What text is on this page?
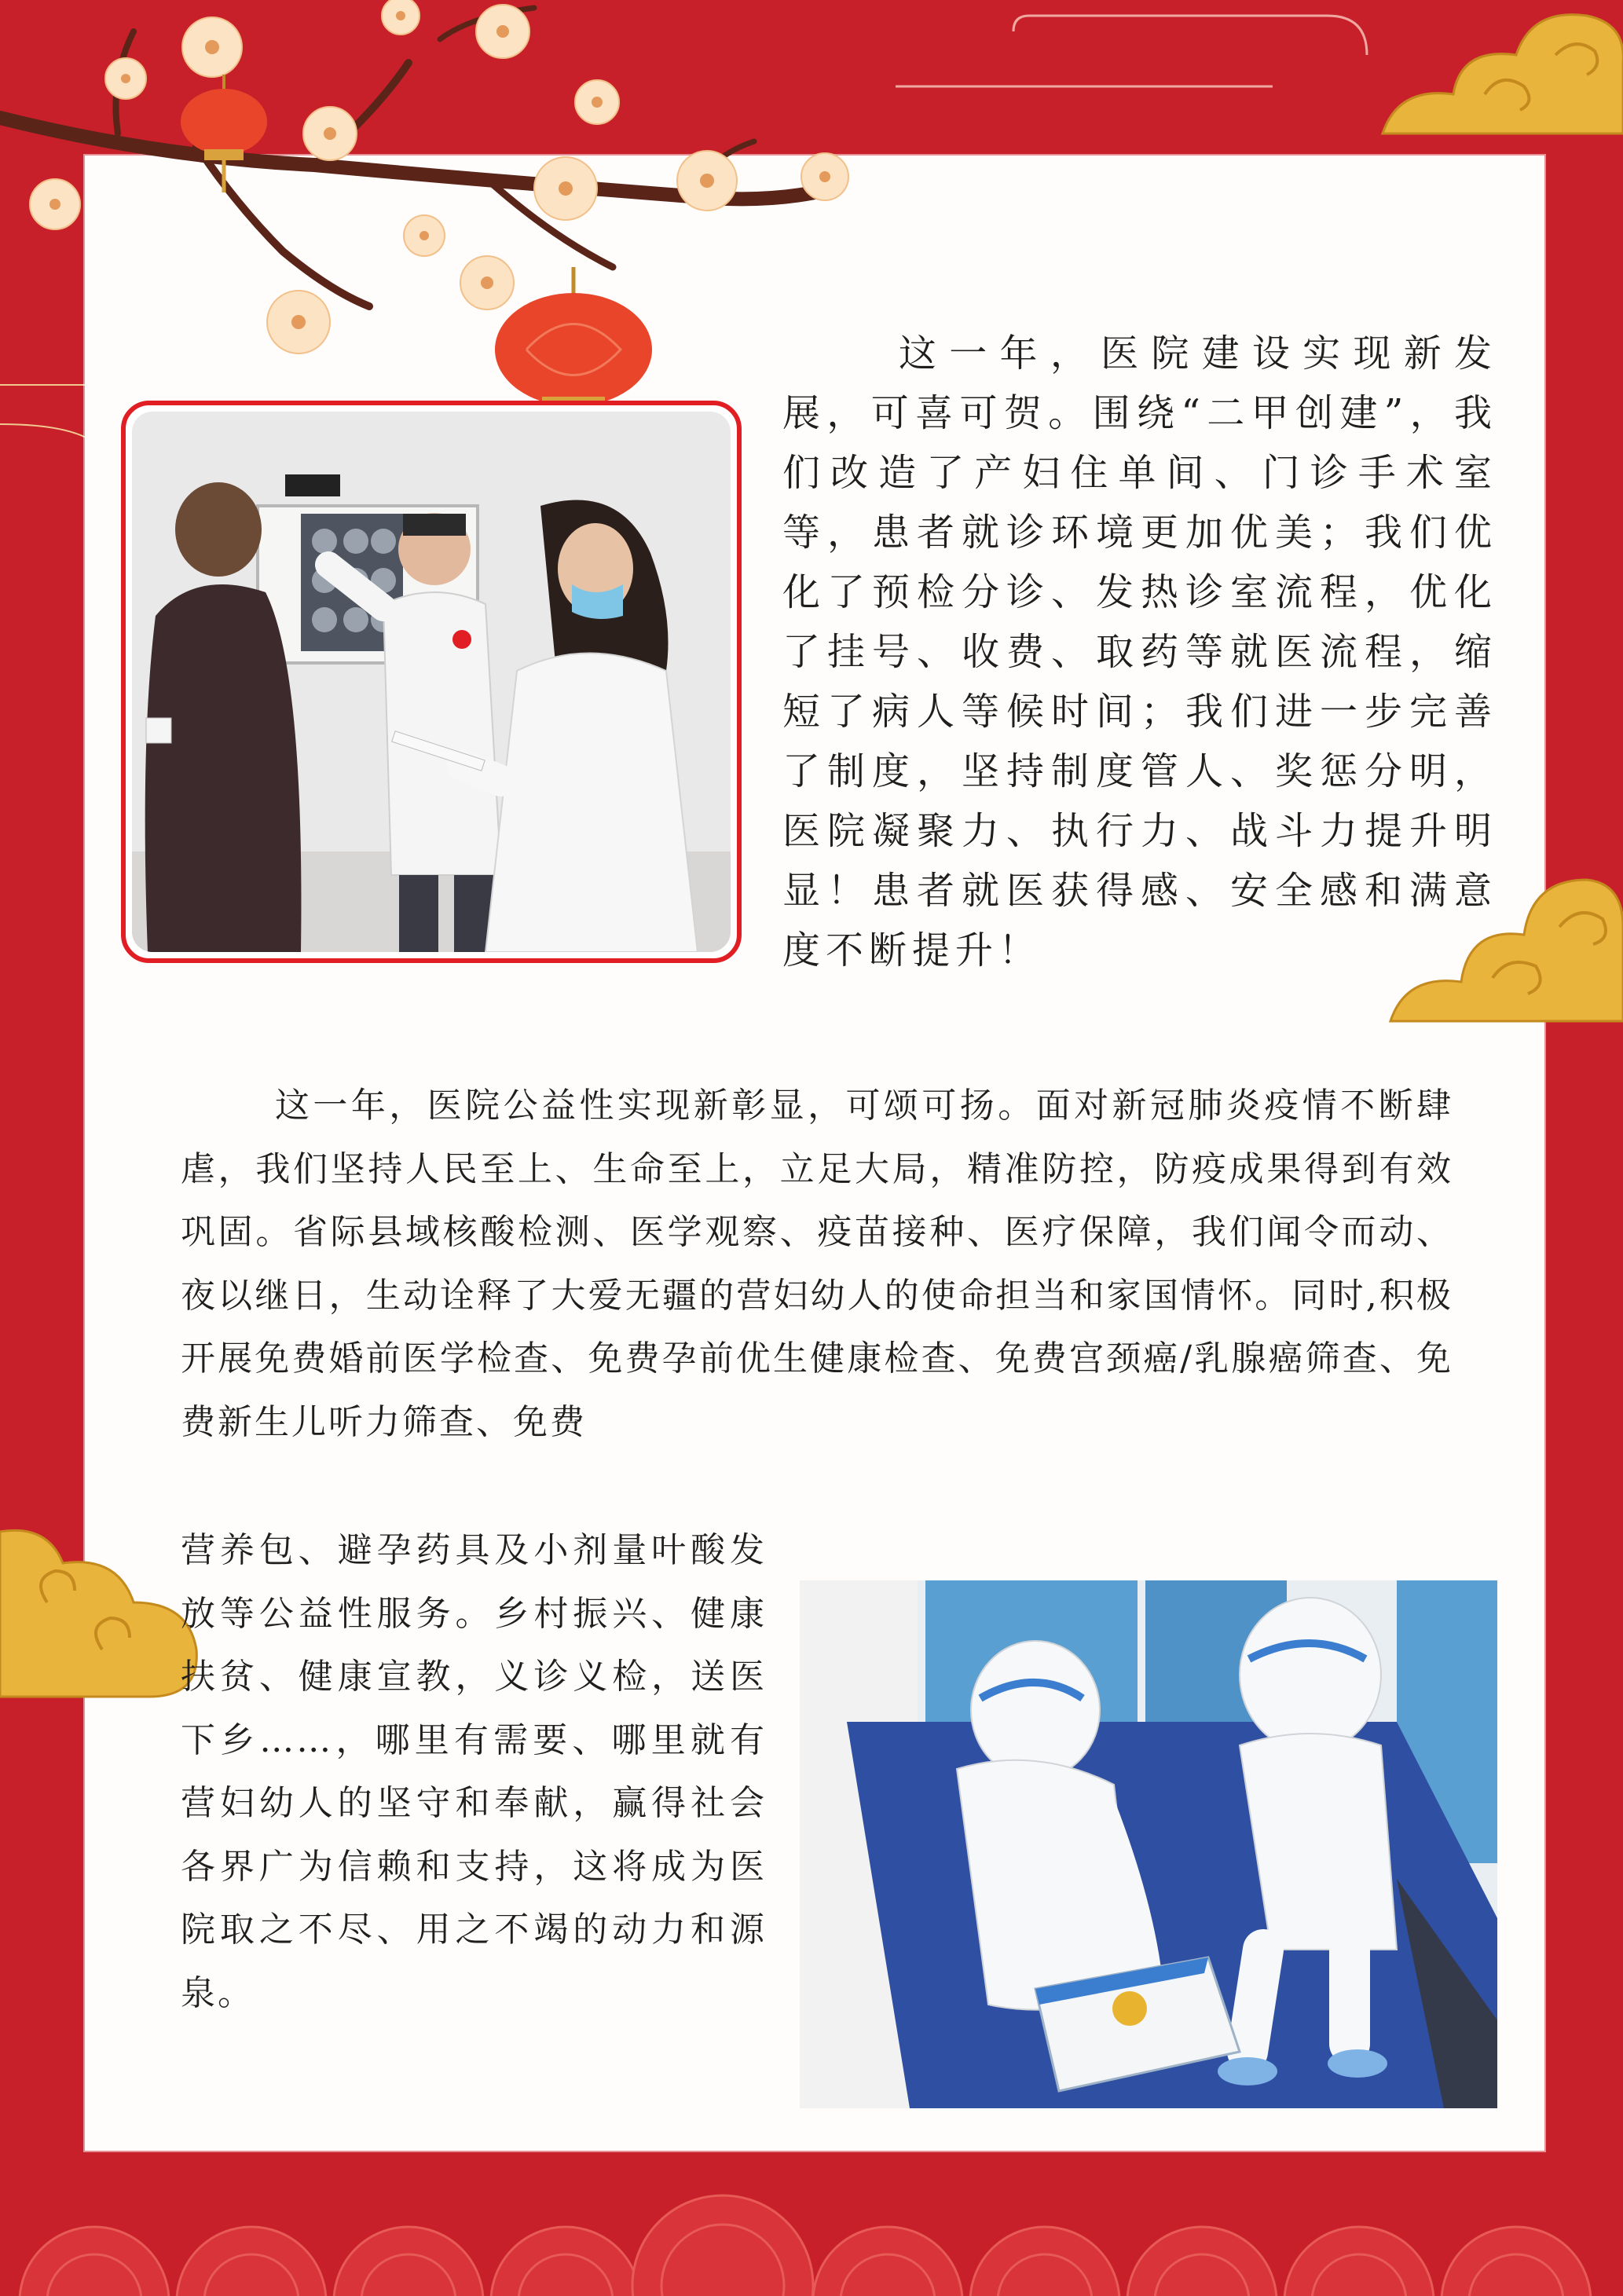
这一年，医院建设实现新发展，可喜可贺。围绕“二甲创建”，我们改造了产妇住单间、门诊手术室等，患者就诊环境更加优美；我们优化了预检分诊、发热诊室流程，优化了挂号、收费、取药等就医流程，缩短了病人等候时间；我们进一步完善了制度，坚持制度管人、奖惩分明，医院凝聚力、执行力、战斗力提升明显！患者就医获得感、安全感和满意度不断提升！

这一年，医院公益性实现新彰显，可颂可扬。面对新冠肺炎疫情不断肆虐，我们坚持人民至上、生命至上，立足大局，精准防控，防疫成果得到有效巩固。省际县域核酸检测、医学观察、疫苗接种、医疗保障，我们闻令而动、夜以继日，生动诠释了大爱无疆的营妇幼人的使命担当和家国情怀。同时,积极开展免费婚前医学检查、免费孕前优生健康检查、免费宫颈癌/乳腺癌筛查、免费新生儿听力筛查、免费

营养包、避孕药具及小剂量叶酸发放等公益性服务。乡村振兴、健康扶贫、健康宣教，义诊义检，送医下乡……，哪里有需要、哪里就有营妇幼人的坚守和奉献，赢得社会各界广为信赖和支持，这将成为医院取之不尽、用之不竭的动力和源泉。
